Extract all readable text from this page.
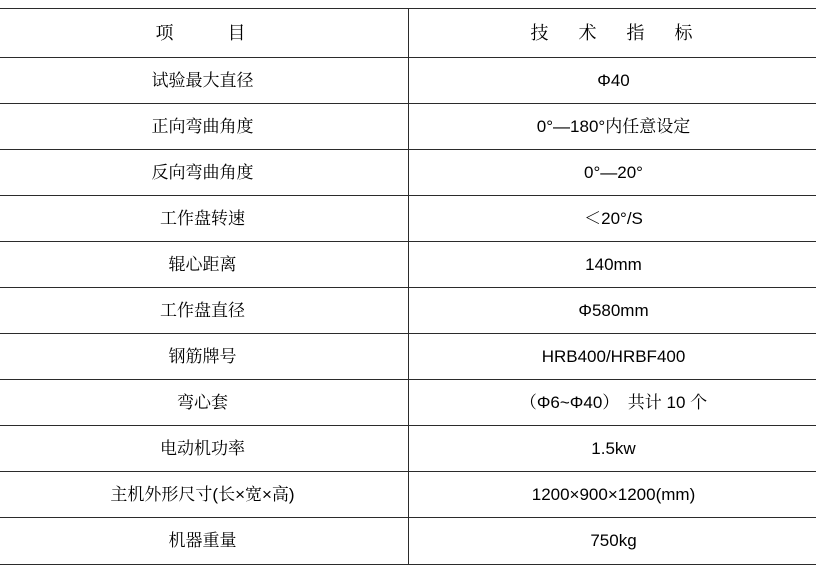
项　　目	技　术　指　标
试验最大直径	Φ40
正向弯曲角度	0°—180°内任意设定
反向弯曲角度	0°—20°
工作盘转速	＜20°/S
辊心距离	140mm
工作盘直径	Φ580mm
钢筋牌号	HRB400/HRBF400
弯心套	（Φ6~Φ40）　共计 10 个
电动机功率	1.5kw
主机外形尺寸(长×宽×高)	1200×900×1200(mm)
机器重量	750kg
